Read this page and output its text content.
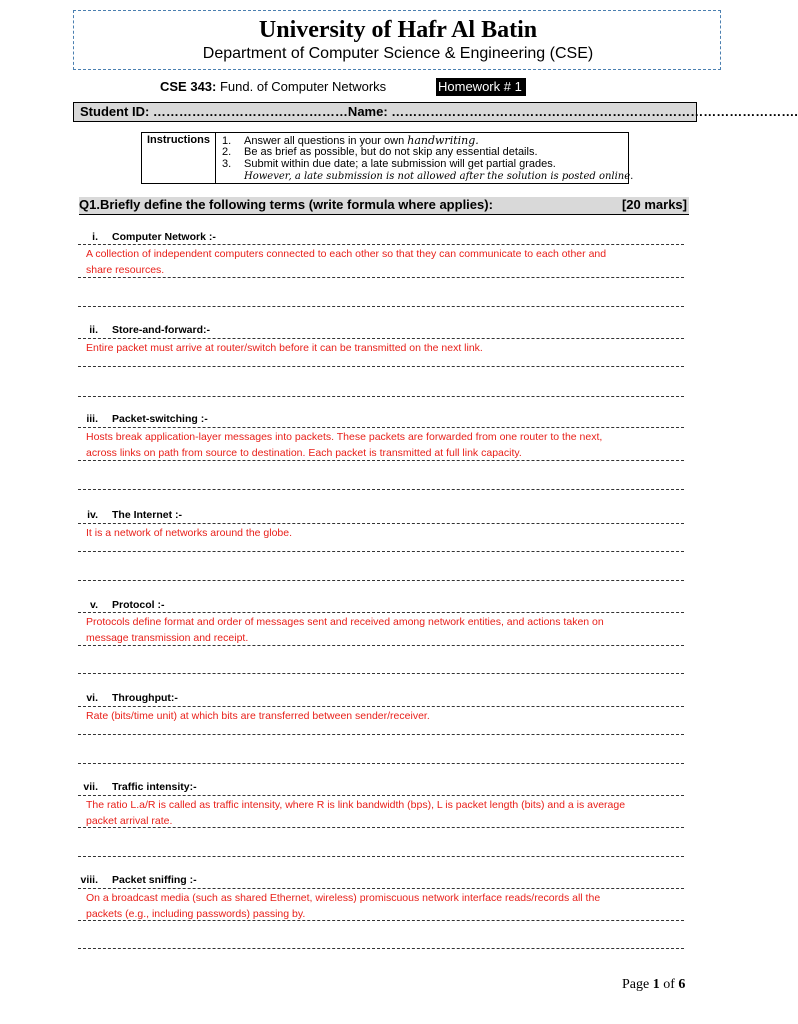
University of Hafr Al Batin
Department of Computer Science & Engineering (CSE)
CSE 343: Fund. of Computer Networks	Homework # 1
Student ID: ………………………………………Name: ………………………………………………………………………………….
Instructions	1. Answer all questions in your own handwriting.
2. Be as brief as possible, but do not skip any essential details.
3. Submit within due date; a late submission will get partial grades.
However, a late submission is not allowed after the solution is posted online.
Q1.Briefly define the following terms (write formula where applies):	[20 marks]
i. Computer Network :-
A collection of independent computers connected to each other so that they can communicate to each other and
share resources.
ii. Store-and-forward:-
Entire packet must arrive at router/switch before it can be transmitted on the next link.
iii. Packet-switching :-
Hosts break application-layer messages into packets. These packets are forwarded from one router to the next,
across links on path from source to destination. Each packet is transmitted at full link capacity.
iv. The Internet :-
It is a network of networks around the globe.
v. Protocol :-
Protocols define format and order of messages sent and received among network entities, and actions taken on
message transmission and receipt.
vi. Throughput:-
Rate (bits/time unit) at which bits are transferred between sender/receiver.
vii. Traffic intensity:-
The ratio L.a/R is called as traffic intensity, where R is link bandwidth (bps), L is packet length (bits) and a is average
packet arrival rate.
viii. Packet sniffing :-
On a broadcast media (such as shared Ethernet, wireless) promiscuous network interface reads/records all the
packets (e.g., including passwords) passing by.
Page 1 of 6
